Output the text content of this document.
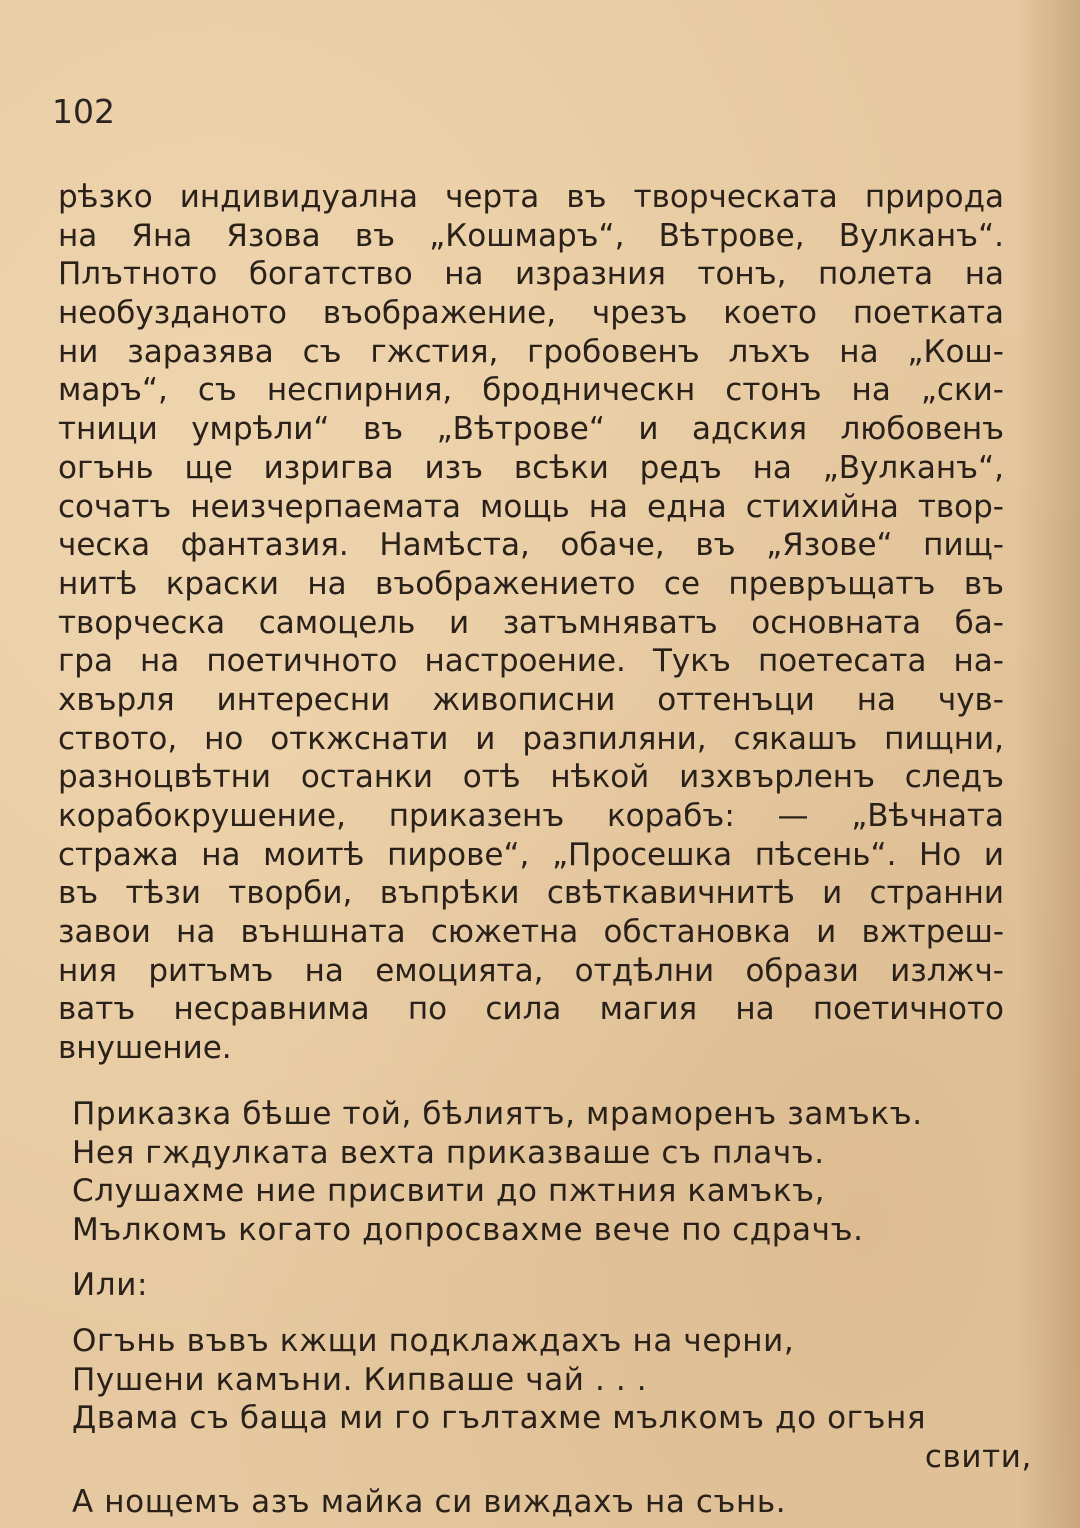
102
рѣзко индивидуална черта въ творческата природа
на Яна Язова въ „Кошмаръ“, Вѣтрове, Вулканъ“.
Плътното богатство на изразния тонъ, полета на
необузданото въображение, чрезъ което поетката
ни заразява съ гжстия, гробовенъ лъхъ на „Кош-
маръ“, съ неспирния, бродническн стонъ на „ски-
тници умрѣли“ въ „Вѣтрове“ и адския любовенъ
огънь ще изригва изъ всѣки редъ на „Вулканъ“,
сочатъ неизчерпаемата мощь на една стихийна твор-
ческа фантазия. Намѣста, обаче, въ „Язове“ пищ-
нитѣ краски на въображението се превръщатъ въ
творческа самоцель и затъмняватъ основната ба-
гра на поетичното настроение. Тукъ поетесата на-
хвърля интересни живописни оттенъци на чув-
ството, но откжснати и разпиляни, сякашъ пищни,
разноцвѣтни останки отѣ нѣкой изхвърленъ следъ
корабокрушение, приказенъ корабъ: — „Вѣчната
стража на моитѣ пирове“, „Просешка пѣсень“. Но и
въ тѣзи творби, въпрѣки свѣткавичнитѣ и странни
завои на външната сюжетна обстановка и вжтреш-
ния ритъмъ на емоцията, отдѣлни образи излжч-
ватъ несравнима по сила магия на поетичното
внушение.
Приказка бѣше той, бѣлиятъ, мраморенъ замъкъ.
Нея гждулката вехта приказваше съ плачъ.
Слушахме ние присвити до пжтния камъкъ,
Мълкомъ когато допросвахме вече по сдрачъ.
Или:
Огънь въвъ кжщи подклаждахъ на черни,
Пушени камъни. Кипваше чай . . .
Двама съ баща ми го гълтахме мълкомъ до огъня
свити,
А нощемъ азъ майка си виждахъ на сънь.
